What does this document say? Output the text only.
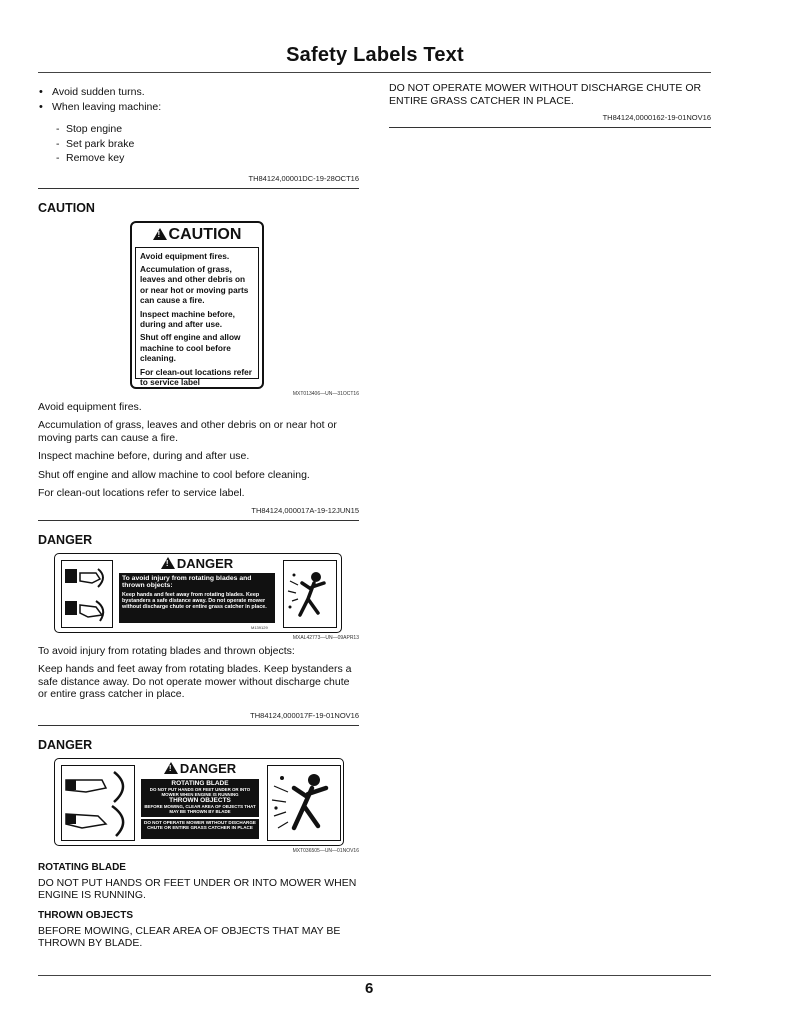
Safety Labels Text
• Avoid sudden turns.
• When leaving machine:
- Stop engine
- Set park brake
- Remove key
TH84124,00001DC-19-28OCT16
CAUTION
!CAUTION
Avoid equipment fires.
Accumulation of grass, leaves and other debris on or near hot or moving parts can cause a fire.
Inspect machine before, during and after use.
Shut off engine and allow machine to cool before cleaning.
For clean-out locations refer to service label
MXT013406—UN—31OCT16

Avoid equipment fires.

Accumulation of grass, leaves and other debris on or near hot or moving parts can cause a fire.

Inspect machine before, during and after use.

Shut off engine and allow machine to cool before cleaning.

For clean-out locations refer to service label.

TH84124,000017A-19-12JUN15
DANGER
!DANGER
To avoid injury from rotating blades and thrown objects:
Keep hands and feet away from rotating blades. Keep bystanders a safe distance away. Do not operate mower without discharge chute or entire grass catcher in place.
M139129
MXAL42773—UN—09APR13

To avoid injury from rotating blades and thrown objects:

Keep hands and feet away from rotating blades. Keep bystanders a safe distance away. Do not operate mower without discharge chute or entire grass catcher in place.

TH84124,000017F-19-01NOV16
DANGER
!DANGER
ROTATING BLADE
DO NOT PUT HANDS OR FEET UNDER OR INTO MOWER WHEN ENGINE IS RUNNING
THROWN OBJECTS
BEFORE MOWING, CLEAR AREA OF OBJECTS THAT MAY BE THROWN BY BLADE
DO NOT OPERATE MOWER WITHOUT DISCHARGE CHUTE OR ENTIRE GRASS CATCHER IN PLACE
MXT036505—UN—01NOV16
ROTATING BLADE

DO NOT PUT HANDS OR FEET UNDER OR INTO MOWER WHEN ENGINE IS RUNNING.

THROWN OBJECTS

BEFORE MOWING, CLEAR AREA OF OBJECTS THAT MAY BE THROWN BY BLADE.

DO NOT OPERATE MOWER WITHOUT DISCHARGE CHUTE OR ENTIRE GRASS CATCHER IN PLACE.

TH84124,0000162-19-01NOV16
6
